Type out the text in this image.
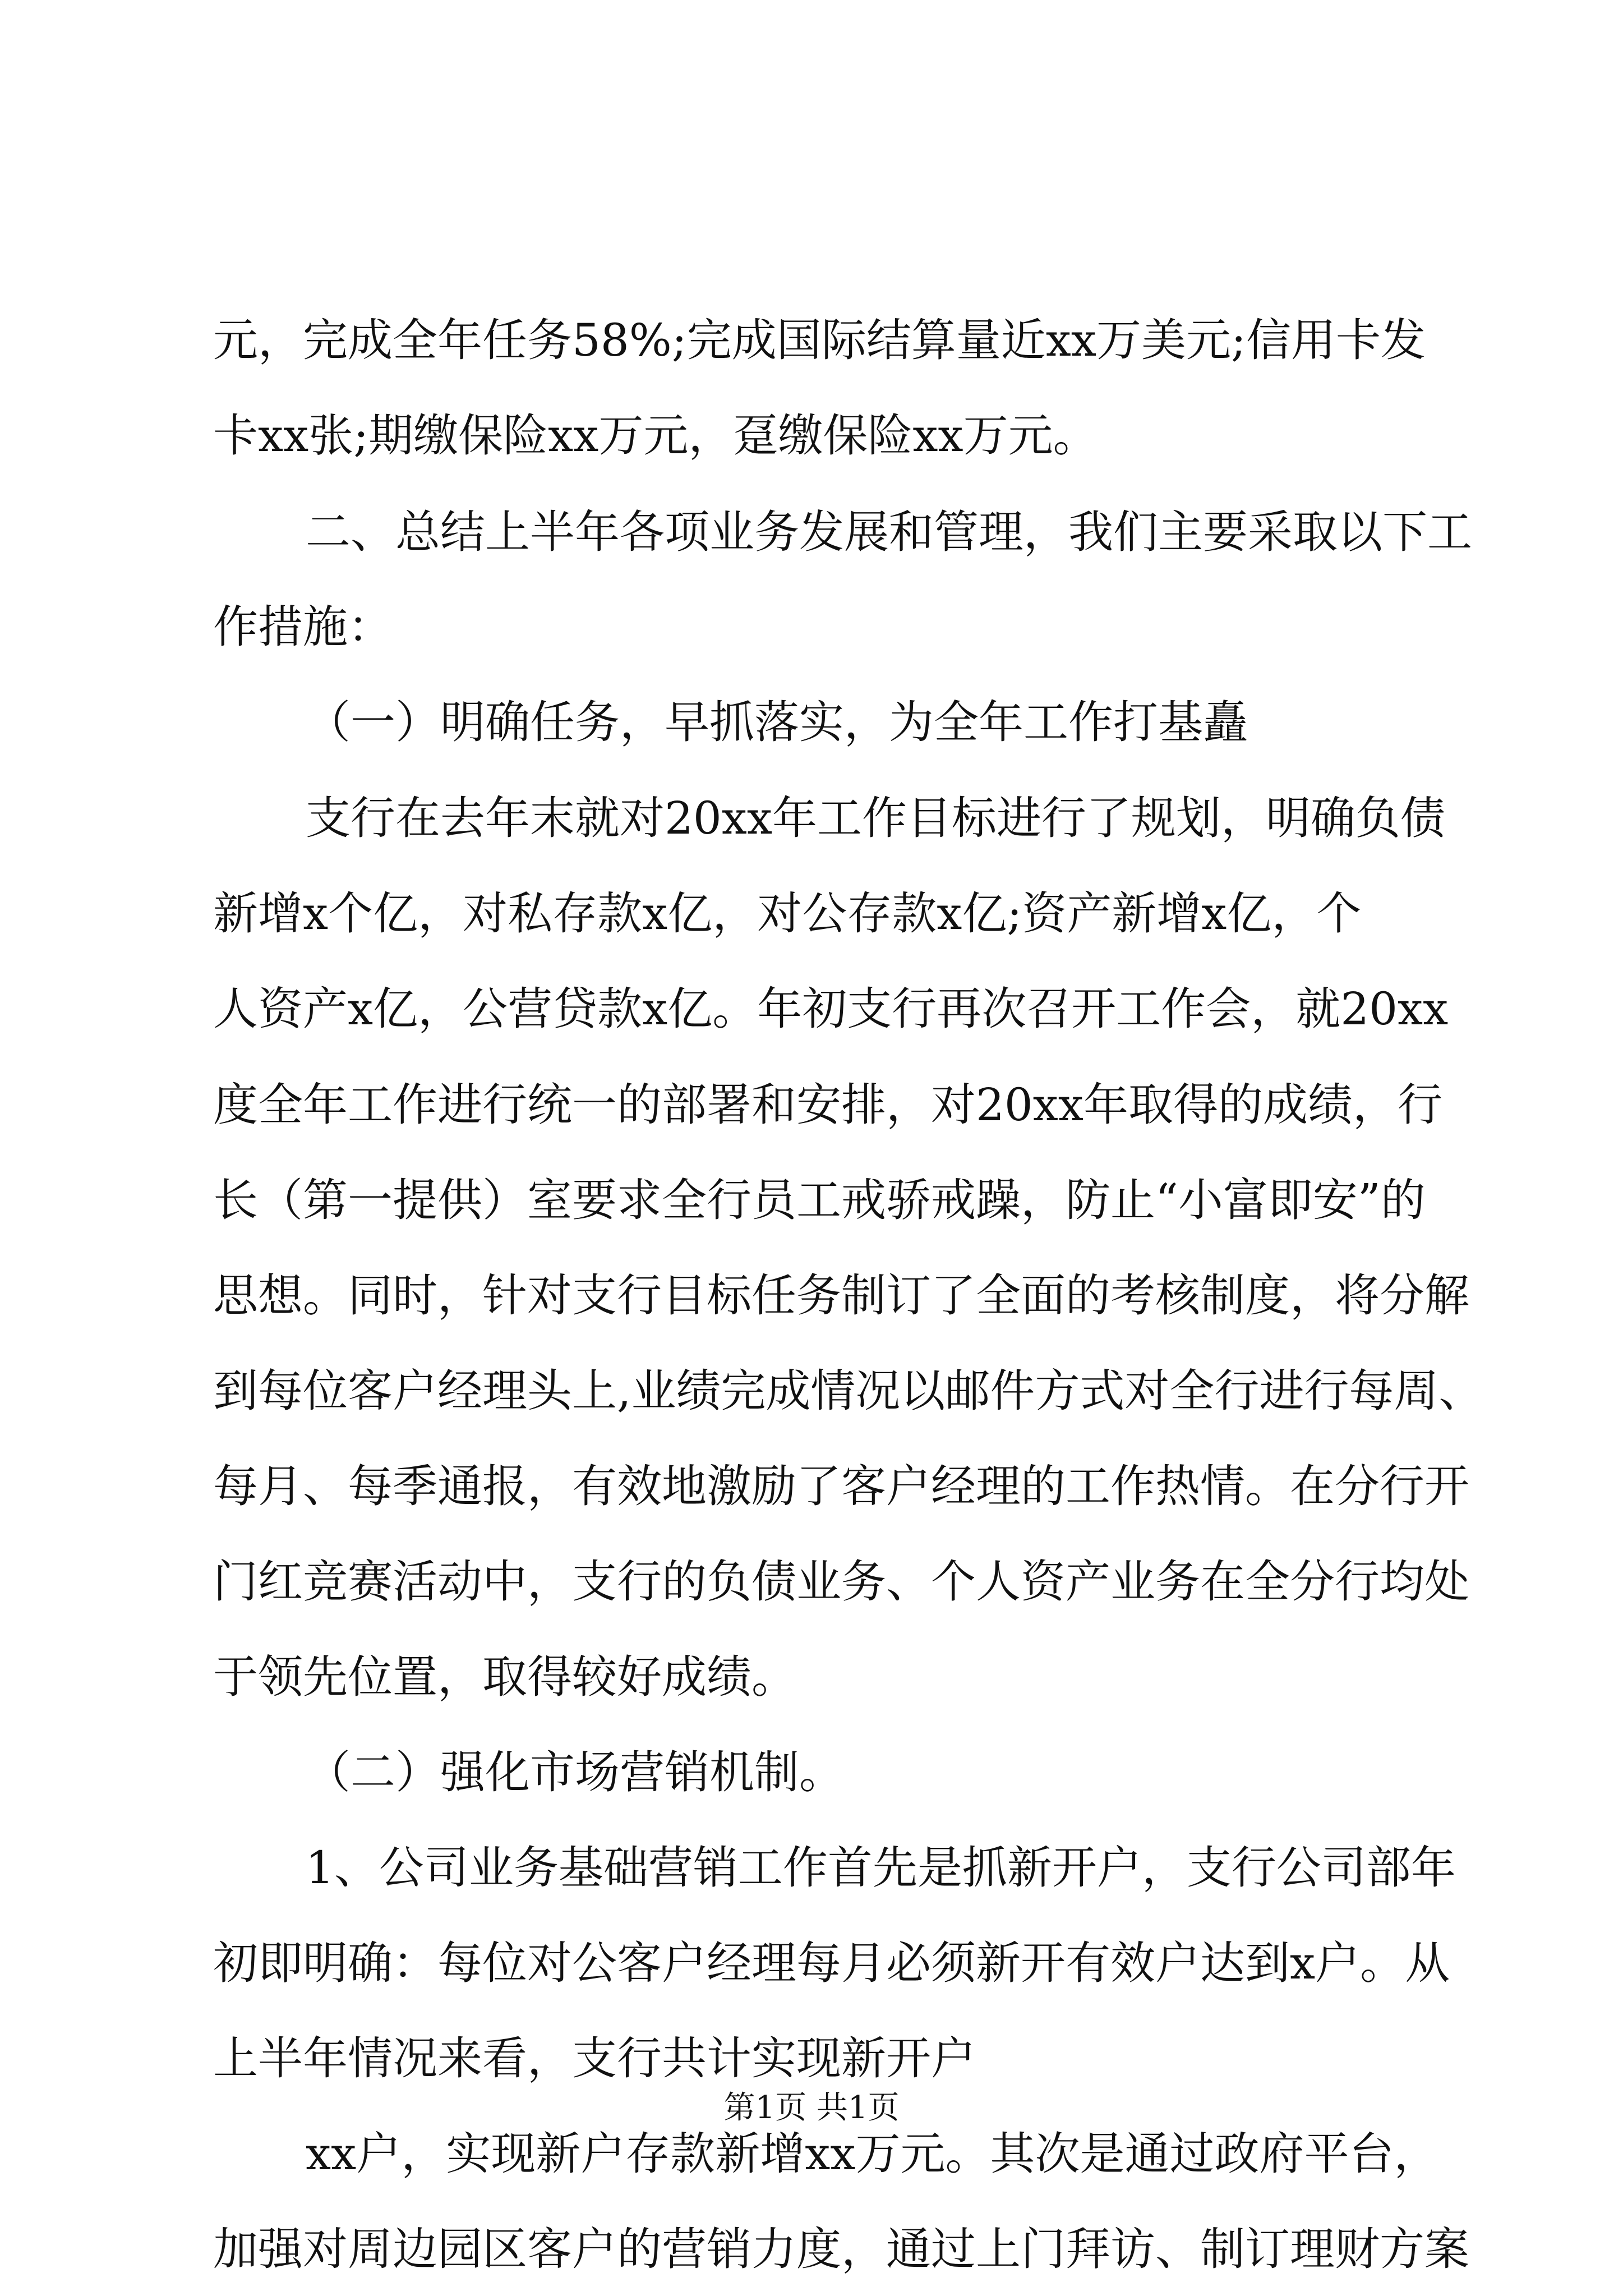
元，完成全年任务58%;完成国际结算量近xx万美元;信用卡发
卡xx张;期缴保险xx万元，趸缴保险xx万元。
二、总结上半年各项业务发展和管理，我们主要采取以下工
作措施：
（一）明确任务，早抓落实，为全年工作打基矗
支行在去年末就对20xx年工作目标进行了规划，明确负债
新增x个亿，对私存款x亿，对公存款x亿;资产新增x亿，个
人资产x亿，公营贷款x亿。年初支行再次召开工作会，就20xx
度全年工作进行统一的部署和安排，对20xx年取得的成绩，行
长（第一提供）室要求全行员工戒骄戒躁，防止“小富即安”的
思想。同时，针对支行目标任务制订了全面的考核制度，将分解
到每位客户经理头上,业绩完成情况以邮件方式对全行进行每周、
每月、每季通报，有效地激励了客户经理的工作热情。在分行开
门红竞赛活动中，支行的负债业务、个人资产业务在全分行均处
于领先位置，取得较好成绩。
（二）强化市场营销机制。
1、公司业务基础营销工作首先是抓新开户，支行公司部年
初即明确：每位对公客户经理每月必须新开有效户达到x户。从
上半年情况来看，支行共计实现新开户
xx户，实现新户存款新增xx万元。其次是通过政府平台，
加强对周边园区客户的营销力度，通过上门拜访、制订理财方案
第1页 共1页
